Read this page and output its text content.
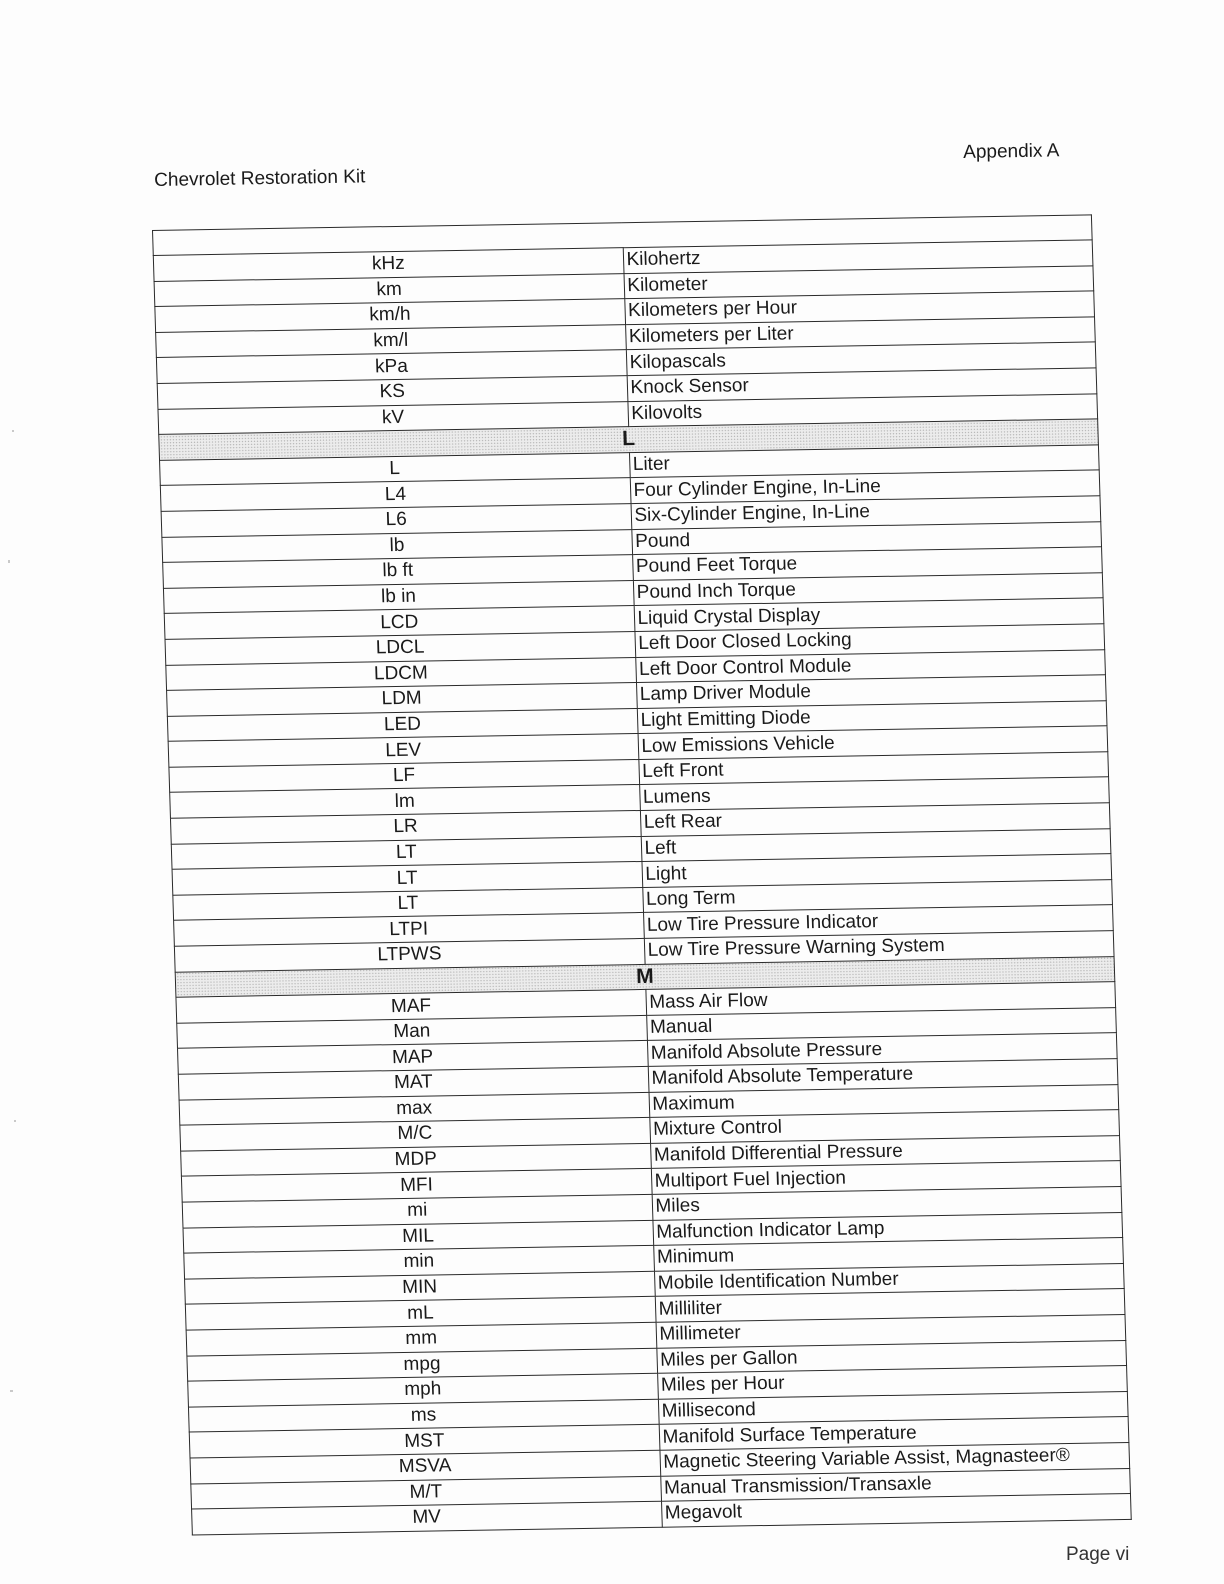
Chevrolet Restoration Kit
Appendix A

kHz	Kilohertz
km	Kilometer
km/h	Kilometers per Hour
km/l	Kilometers per Liter
kPa	Kilopascals
KS	Knock Sensor
kV	Kilovolts
L	
L	Liter
L4	Four Cylinder Engine, In-Line
L6	Six-Cylinder Engine, In-Line
lb	Pound
lb ft	Pound Feet Torque
lb in	Pound Inch Torque
LCD	Liquid Crystal Display
LDCL	Left Door Closed Locking
LDCM	Left Door Control Module
LDM	Lamp Driver Module
LED	Light Emitting Diode
LEV	Low Emissions Vehicle
LF	Left Front
lm	Lumens
LR	Left Rear
LT	Left
LT	Light
LT	Long Term
LTPI	Low Tire Pressure Indicator
LTPWS	Low Tire Pressure Warning System
M	
MAF	Mass Air Flow
Man	Manual
MAP	Manifold Absolute Pressure
MAT	Manifold Absolute Temperature
max	Maximum
M/C	Mixture Control
MDP	Manifold Differential Pressure
MFI	Multiport Fuel Injection
mi	Miles
MIL	Malfunction Indicator Lamp
min	Minimum
MIN	Mobile Identification Number
mL	Milliliter
mm	Millimeter
mpg	Miles per Gallon
mph	Miles per Hour
ms	Millisecond
MST	Manifold Surface Temperature
MSVA	Magnetic Steering Variable Assist, Magnasteer®
M/T	Manual Transmission/Transaxle
MV	Megavolt
Page vi
